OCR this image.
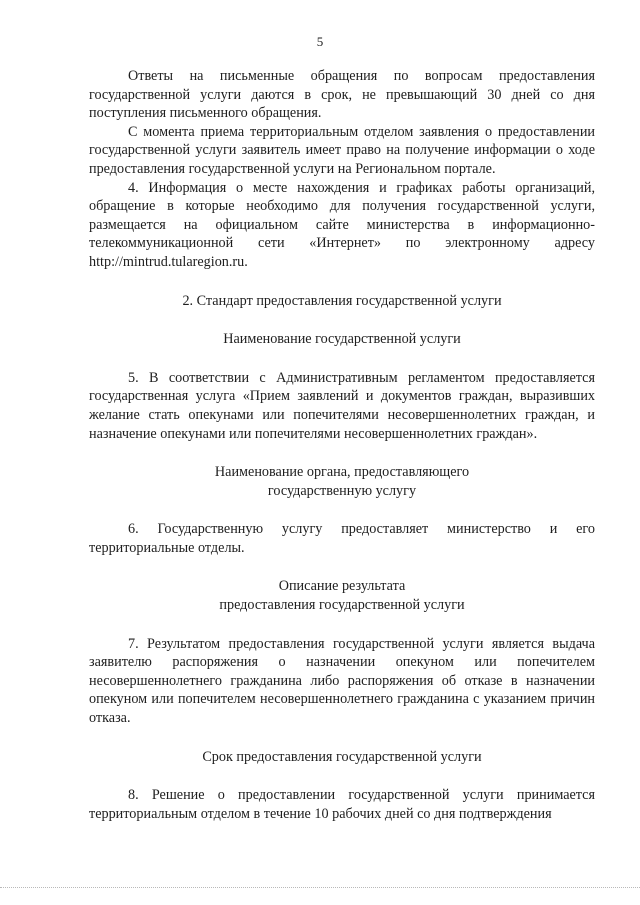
5

Ответы на письменные обращения по вопросам предоставления государственной услуги даются в срок, не превышающий 30 дней со дня поступления письменного обращения.

С момента приема территориальным отделом заявления о предоставлении государственной услуги заявитель имеет право на получение информации о ходе предоставления государственной услуги на Региональном портале.

4. Информация о месте нахождения и графиках работы организаций, обращение в которые необходимо для получения государственной услуги, размещается на официальном сайте министерства в информационно-телекоммуникационной сети «Интернет» по электронному адресу http://mintrud.tularegion.ru.

2. Стандарт предоставления государственной услуги

Наименование государственной услуги

5. В соответствии с Административным регламентом предоставляется государственная услуга «Прием заявлений и документов граждан, выразивших желание стать опекунами или попечителями несовершеннолетних граждан, и назначение опекунами или попечителями несовершеннолетних граждан».

Наименование органа, предоставляющего

государственную услугу

6. Государственную услугу предоставляет министерство и его территориальные отделы.

Описание результата

предоставления государственной услуги

7. Результатом предоставления государственной услуги является выдача заявителю распоряжения о назначении опекуном или попечителем несовершеннолетнего гражданина либо распоряжения об отказе в назначении опекуном или попечителем несовершеннолетнего гражданина с указанием причин отказа.

Срок предоставления государственной услуги

8. Решение о предоставлении государственной услуги принимается территориальным отделом в течение 10 рабочих дней со дня подтверждения
